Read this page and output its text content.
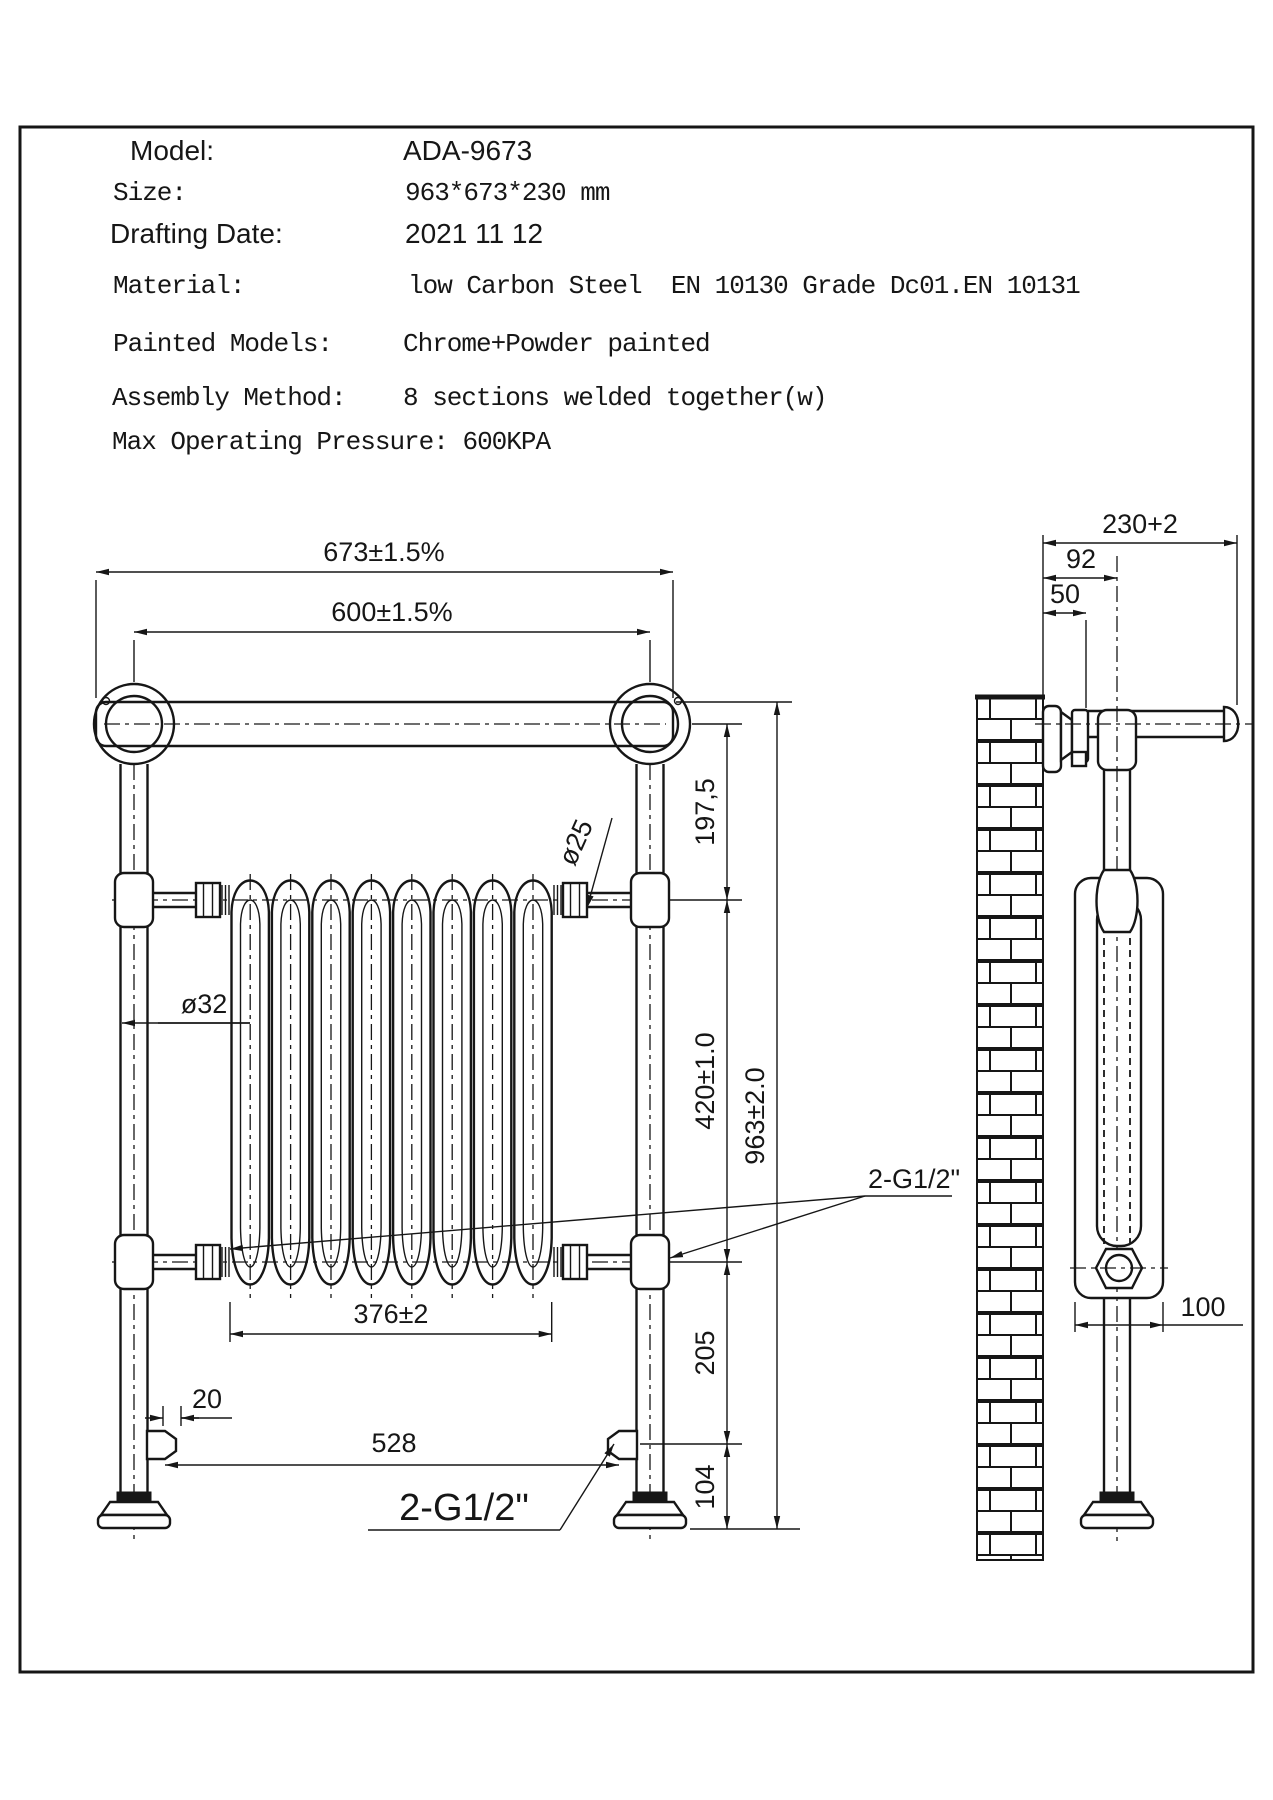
673±1.5%
600±1.5%
197,5
420±1.0
205
104
963±2.0
376±2
528
20
ø32
ø25
2-G1/2"
2-G1/2"
230+2
92
50
100
Model:	ADA-9673
Size:	963*673*230 mm
Drafting Date:	2021 11 12
Material:	low Carbon Steel  EN 10130 Grade Dc01.EN 10131
Painted Models:	Chrome+Powder painted
Assembly Method: 8 sections welded together(w)
Max Operating Pressure: 600KPA
